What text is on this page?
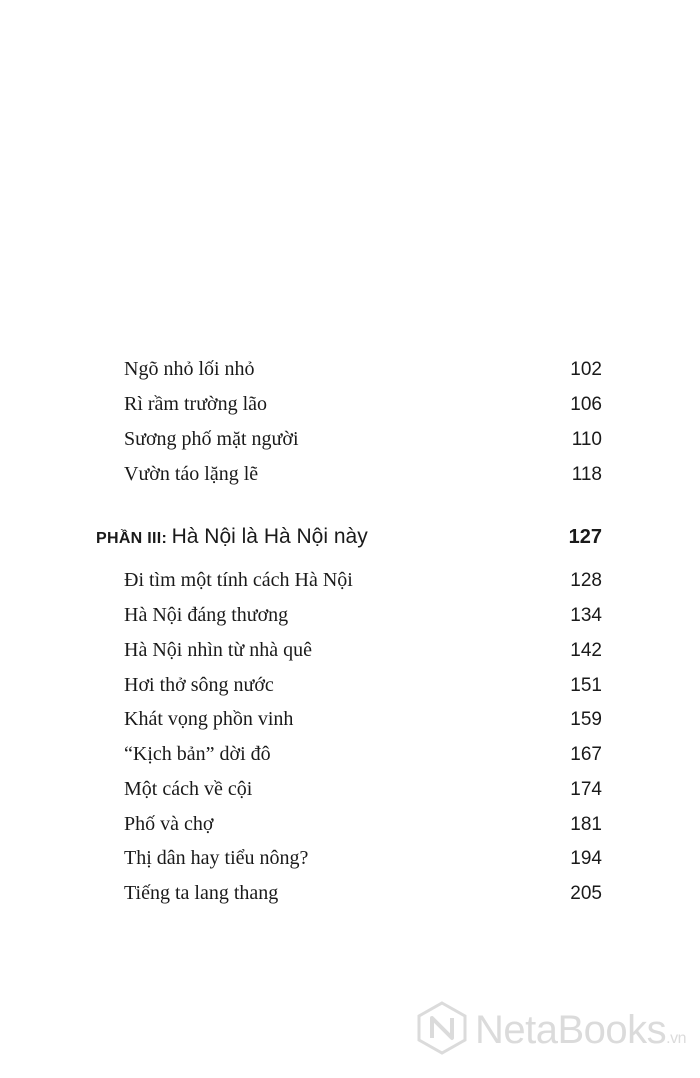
Ngõ nhỏ lối nhỏ	102
Rì rầm trường lão	106
Sương phố mặt người	110
Vườn táo lặng lẽ	118
PHẦN III: Hà Nội là Hà Nội này	127
Đi tìm một tính cách Hà Nội	128
Hà Nội đáng thương	134
Hà Nội nhìn từ nhà quê	142
Hơi thở sông nước	151
Khát vọng phồn vinh	159
“Kịch bản” dời đô	167
Một cách về cội	174
Phố và chợ	181
Thị dân hay tiểu nông?	194
Tiếng ta lang thang	205
NetaBooks.vn
